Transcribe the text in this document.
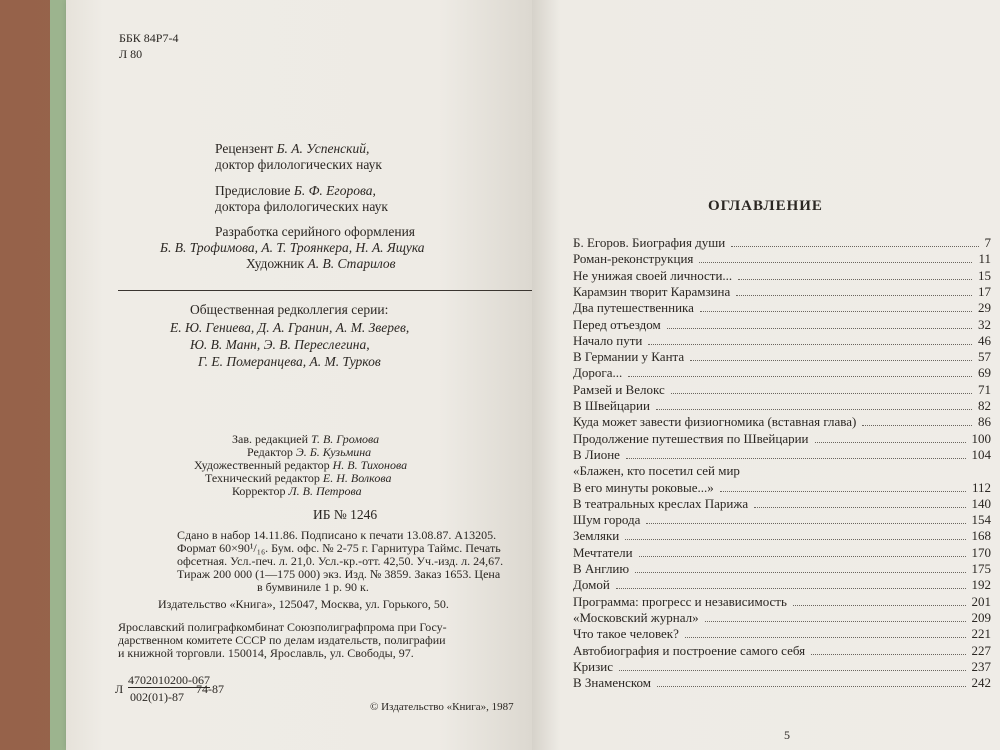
ББК 84Р7-4
Л 80
Рецензент Б. А. Успенский,
доктор филологических наук
Предисловие Б. Ф. Егорова,
доктора филологических наук
Разработка серийного оформления
Б. В. Трофимова, А. Т. Троянкера, Н. А. Ящука
Художник А. В. Старилов
Общественная редколлегия серии:
Е. Ю. Гениева, Д. А. Гранин, А. М. Зверев,
Ю. В. Манн, Э. В. Переслегина,
Г. Е. Померанцева, А. М. Турков
Зав. редакцией Т. В. Громова
Редактор Э. Б. Кузьмина
Художественный редактор Н. В. Тихонова
Технический редактор Е. Н. Волкова
Корректор Л. В. Петрова
ИБ № 1246
Сдано в набор 14.11.86. Подписано к печати 13.08.87. А13205.
Формат 60×90¹/₁₆. Бум. офс. № 2-75 г. Гарнитура Таймс. Печать
офсетная. Усл.-печ. л. 21,0. Усл.-кр.-отт. 42,50. Уч.-изд. л. 24,67.
Тираж 200 000 (1—175 000) экз. Изд. № 3859. Заказ 1653. Цена
в бумвиниле 1 р. 90 к.
Издательство «Книга», 125047, Москва, ул. Горького, 50.
Ярославский полиграфкомбинат Союзполиграфпрома при Госу-
дарственном комитете СССР по делам издательств, полиграфии
и книжной торговли. 150014, Ярославль, ул. Свободы, 97.
Л
4702010200-067
002(01)-87
74-87
© Издательство «Книга», 1987
ОГЛАВЛЕНИЕ
Б. Егоров. Биография души	7
Роман-реконструкция	11
Не унижая своей личности...	15
Карамзин творит Карамзина	17
Два путешественника	29
Перед отъездом	32
Начало пути	46
В Германии у Канта	57
Дорога...	69
Рамзей и Велокс	71
В Швейцарии	82
Куда может завести физиогномика (вставная глава)	86
Продолжение путешествия по Швейцарии	100
В Лионе	104
«Блажен, кто посетил сей мир
В его минуты роковые...»	112
В театральных креслах Парижа	140
Шум города	154
Земляки	168
Мечтатели	170
В Англию	175
Домой	192
Программа: прогресс и независимость	201
«Московский журнал»	209
Что такое человек?	221
Автобиография и построение самого себя	227
Кризис	237
В Знаменском	242
5
